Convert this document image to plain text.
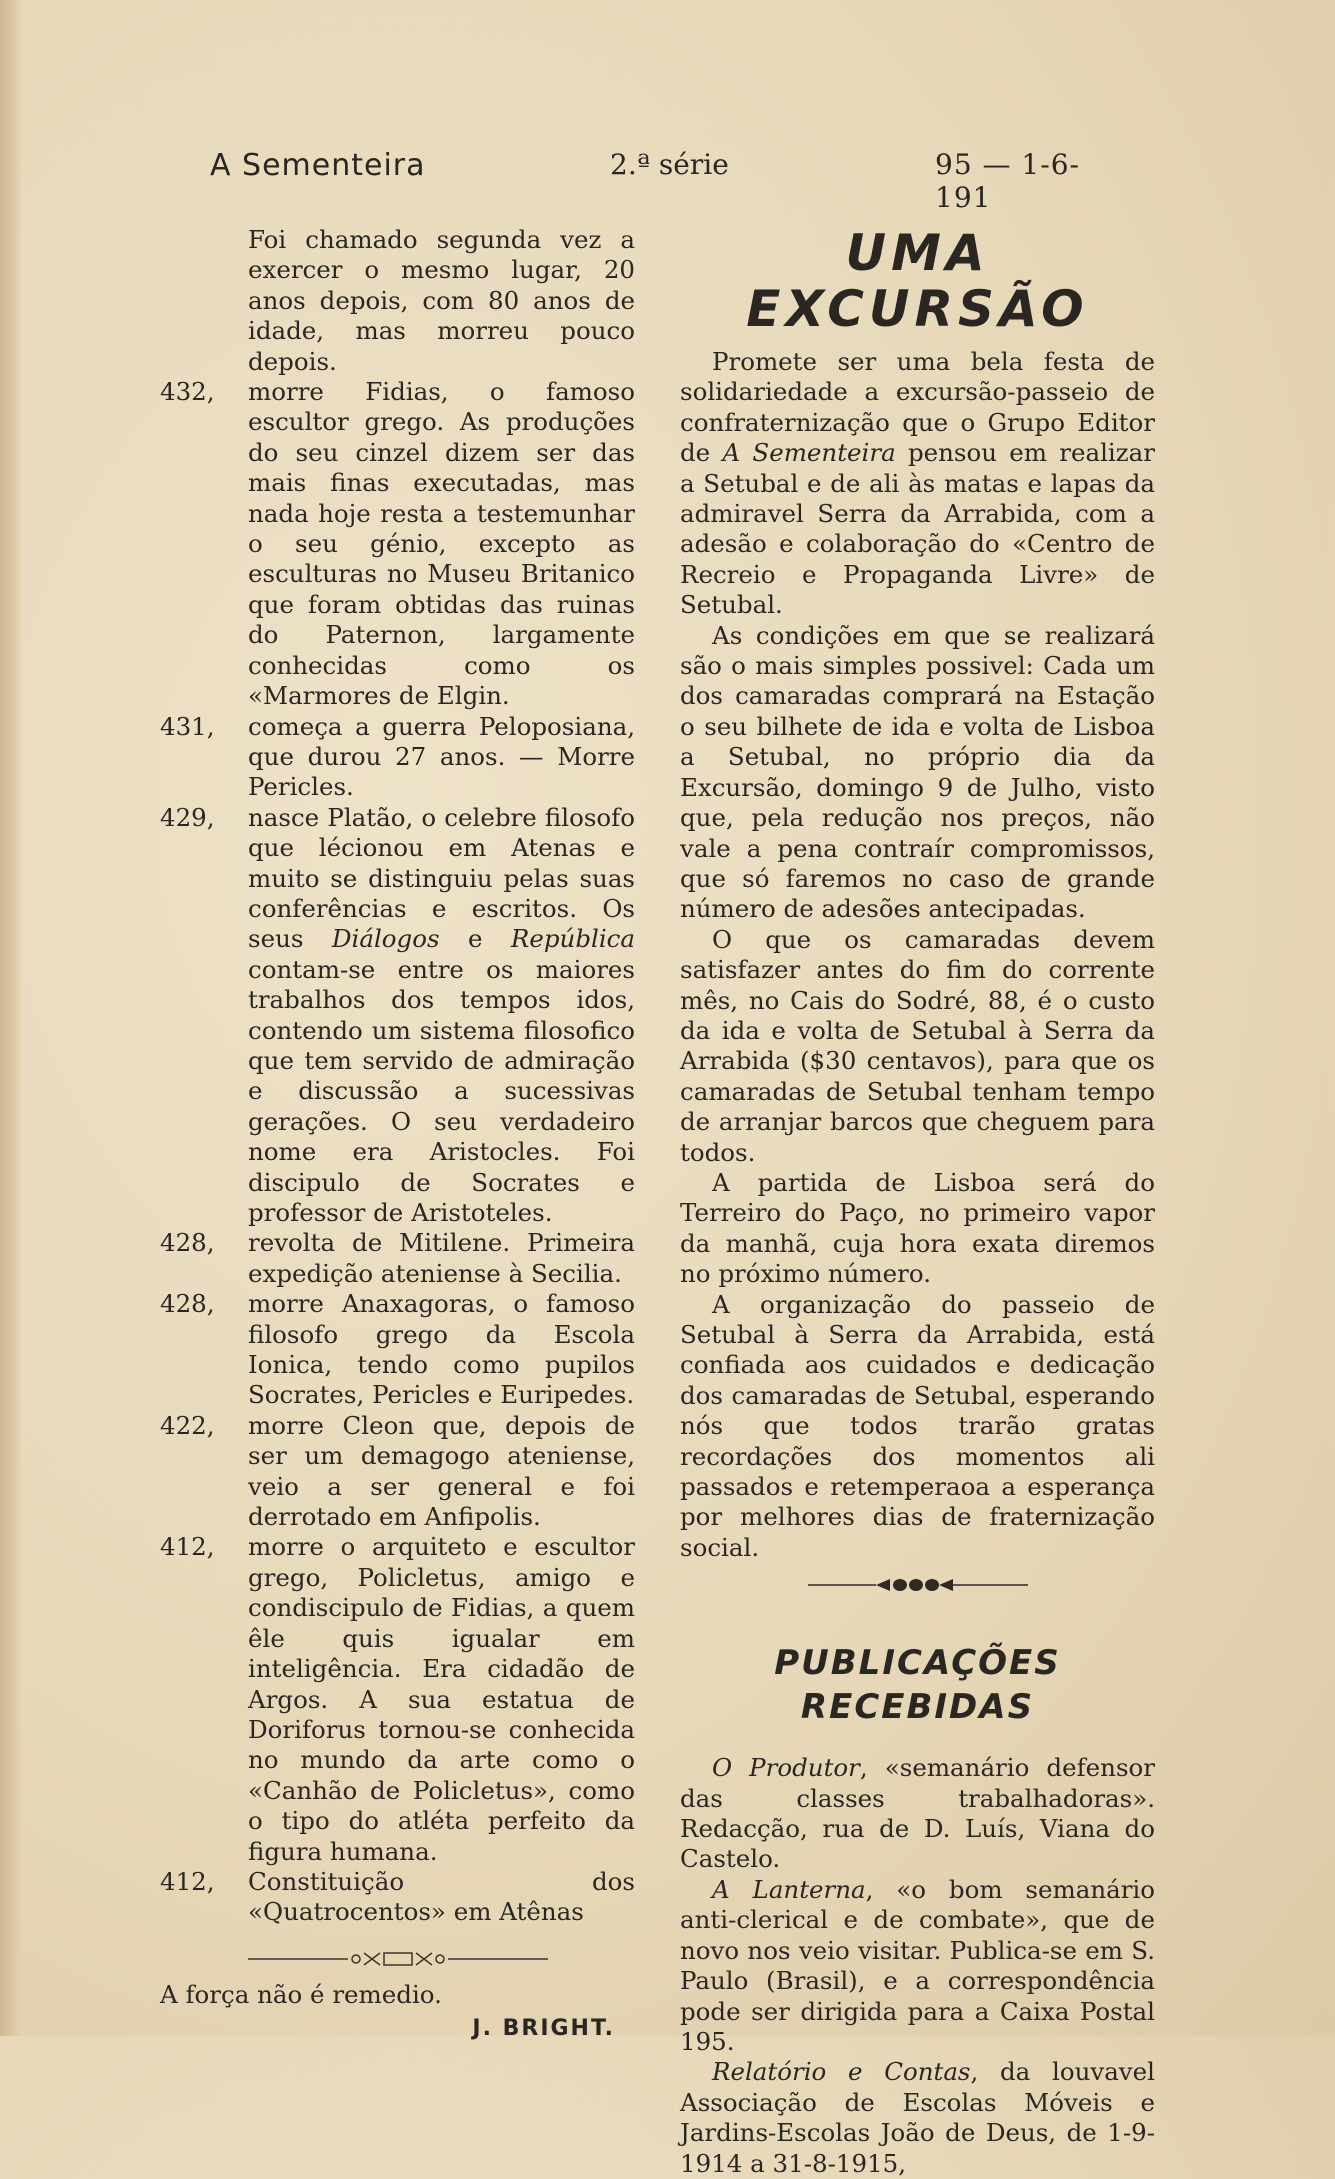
A Sementeira	2.ª série	95 — 1-6-191

Foi chamado segunda vez a exercer o mesmo lugar, 20 anos depois, com 80 anos de idade, mas morreu pouco depois.

432, morre Fidias, o famoso escultor grego. As produções do seu cinzel dizem ser das mais finas executadas, mas nada hoje resta a testemunhar o seu génio, excepto as esculturas no Museu Britanico que foram obtidas das ruinas do Paternon, largamente conhecidas como os «Marmores de Elgin.

431, começa a guerra Peloposiana, que durou 27 anos. — Morre Pericles.

429, nasce Platão, o celebre filosofo que lécionou em Atenas e muito se distinguiu pelas suas conferências e escritos. Os seus Diálogos e República contam-se entre os maiores trabalhos dos tempos idos, contendo um sistema filosofico que tem servido de admiração e discussão a sucessivas gerações. O seu verdadeiro nome era Aristocles. Foi discipulo de Socrates e professor de Aristoteles.

428, revolta de Mitilene. Primeira expedição ateniense à Secilia.

428, morre Anaxagoras, o famoso filosofo grego da Escola Ionica, tendo como pupilos Socrates, Pericles e Euripedes.

422, morre Cleon que, depois de ser um demagogo ateniense, veio a ser general e foi derrotado em Anfipolis.

412, morre o arquiteto e escultor grego, Policletus, amigo e condiscipulo de Fidias, a quem êle quis igualar em inteligência. Era cidadão de Argos. A sua estatua de Doriforus tornou-se conhecida no mundo da arte como o «Canhão de Policletus», como o tipo do atléta perfeito da figura humana.

412, Constituição dos «Quatrocentos» em Atênas

A força não é remedio.

J. BRIGHT.

UMA EXCURSÃO

Promete ser uma bela festa de solidariedade a excursão-passeio de confraternização que o Grupo Editor de A Sementeira pensou em realizar a Setubal e de ali às matas e lapas da admiravel Serra da Arrabida, com a adesão e colaboração do «Centro de Recreio e Propaganda Livre» de Setubal.

As condições em que se realizará são o mais simples possivel: Cada um dos camaradas comprará na Estação o seu bilhete de ida e volta de Lisboa a Setubal, no próprio dia da Excursão, domingo 9 de Julho, visto que, pela redução nos preços, não vale a pena contraír compromissos, que só faremos no caso de grande número de adesões antecipadas.

O que os camaradas devem satisfazer antes do fim do corrente mês, no Cais do Sodré, 88, é o custo da ida e volta de Setubal à Serra da Arrabida ($30 centavos), para que os camaradas de Setubal tenham tempo de arranjar barcos que cheguem para todos.

A partida de Lisboa será do Terreiro do Paço, no primeiro vapor da manhã, cuja hora exata diremos no próximo número.

A organização do passeio de Setubal à Serra da Arrabida, está confiada aos cuidados e dedicação dos camaradas de Setubal, esperando nós que todos trarão gratas recordações dos momentos ali passados e retemperaoa a esperança por melhores dias de fraternização social.

PUBLICAÇÕES RECEBIDAS

O Produtor, «semanário defensor das classes trabalhadoras». Redacção, rua de D. Luís, Viana do Castelo.

A Lanterna, «o bom semanário anti-clerical e de combate», que de novo nos veio visitar. Publica-se em S. Paulo (Brasil), e a correspondência pode ser dirigida para a Caixa Postal 195.

Relatório e Contas, da louvavel Associação de Escolas Móveis e Jardins-Escolas João de Deus, de 1-9-1914 a 31-8-1915,
